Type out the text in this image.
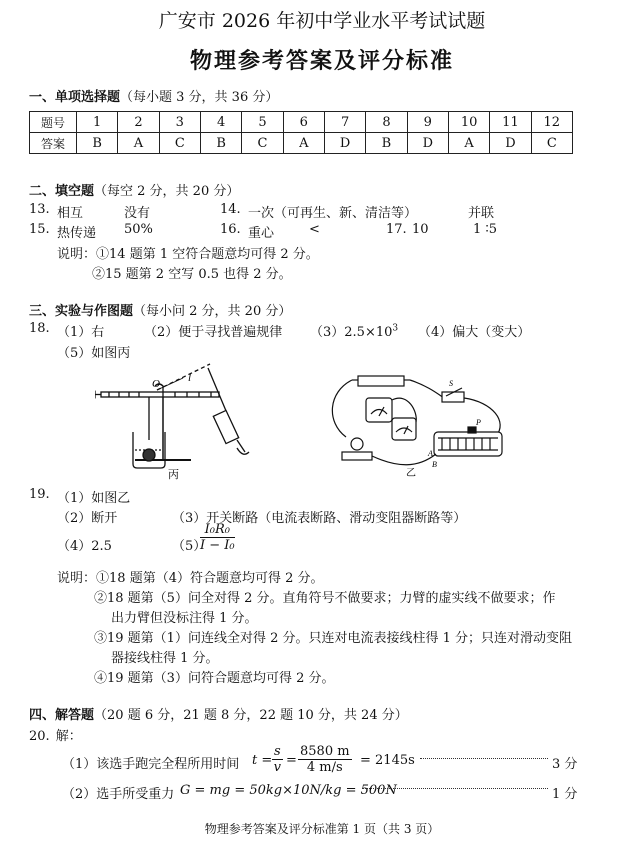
广安市 2026 年初中学业水平考试试题
物理参考答案及评分标准
一、单项选择题（每小题 3 分，共 36 分）
题号	1	2	3	4	5	6	7	8	9	10	11	12
答案	B	A	C	B	C	A	D	B	D	A	D	C
二、填空题（每空 2 分，共 20 分）
13. 相互	没有	14. 一次（可再生、新、清洁等）	并联
15. 热传递 50%	16. 重心	<	17. 10	1 ∶5
说明：①14 题第 1 空符合题意均可得 2 分。
②15 题第 2 空写 0.5 也得 2 分。
三、实验与作图题（每小问 2 分，共 20 分）
18. （1）右	（2）便于寻找普遍规律 $(3)2.5\times 10^3$ （4）偏大（变大）
（5）如图丙
O	l
丙
S
P
A
B
乙
19. （1）如图乙
（2）断开	（3）开关断路（电流表断路、滑动变阻器断路等）
（4）2.5	（5）
$\frac{\text{I₀R₀}}{\text{I − I₀}}$
说明：①18 题第（4）符合题意均可得 2 分。
②18 题第（5）问全对得 2 分。直角符号不做要求；力臂的虚实线不做要求；作
出力臂但没标注得 1 分。
③19 题第（1）问连线全对得 2 分。只连对电流表接线柱得 1 分；只连对滑动变阻
器接线柱得 1 分。
④19 题第（3）问符合题意均可得 2 分。
四、解答题（20 题 6 分，21 题 8 分，22 题 10 分，共 24 分）
20. 解：
（1）该选手跑完全程所用时间 $t = \frac{s}{v} = \frac{8580 m}{4 m/s} = 2145s$	3 分
（2）选手所受重力 G = mg = 50kg×10N/kg = 500N	1 分
物理参考答案及评分标准第 1 页（共 3 页）
